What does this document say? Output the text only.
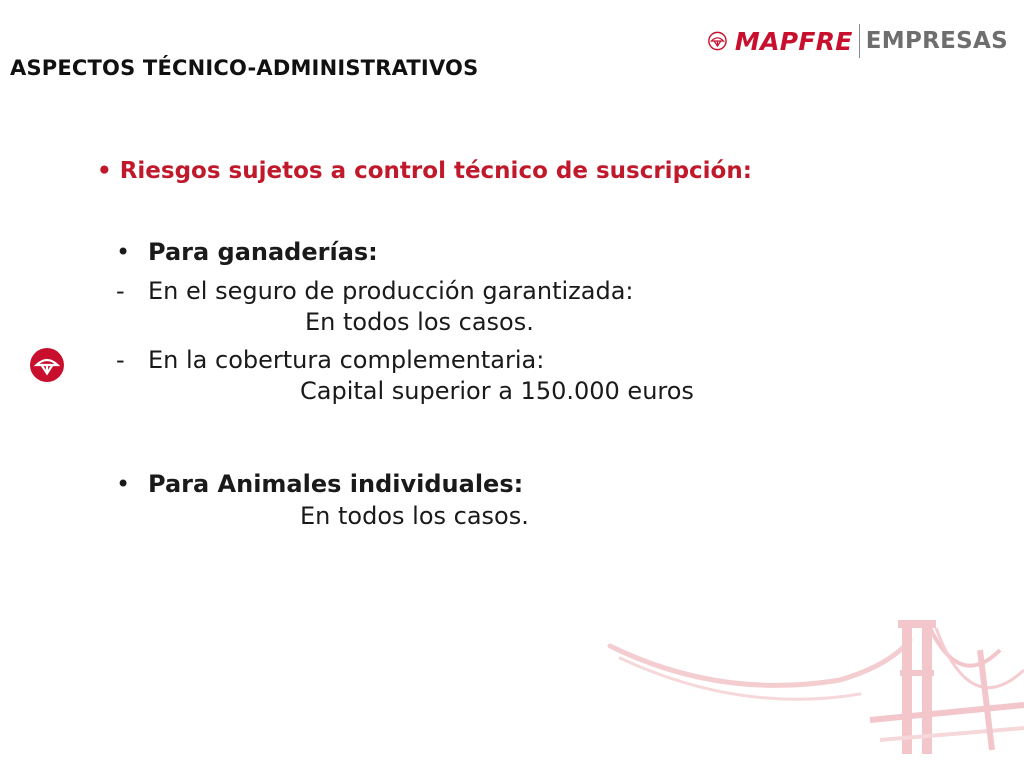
ASPECTOS TÉCNICO-ADMINISTRATIVOS
MAPFRE EMPRESAS
• Riesgos sujetos a control técnico de suscripción:
• Para ganaderías:
- En el seguro de producción garantizada:
En todos los casos.
- En la cobertura complementaria:
Capital superior a 150.000 euros
• Para Animales individuales:
En todos los casos.
